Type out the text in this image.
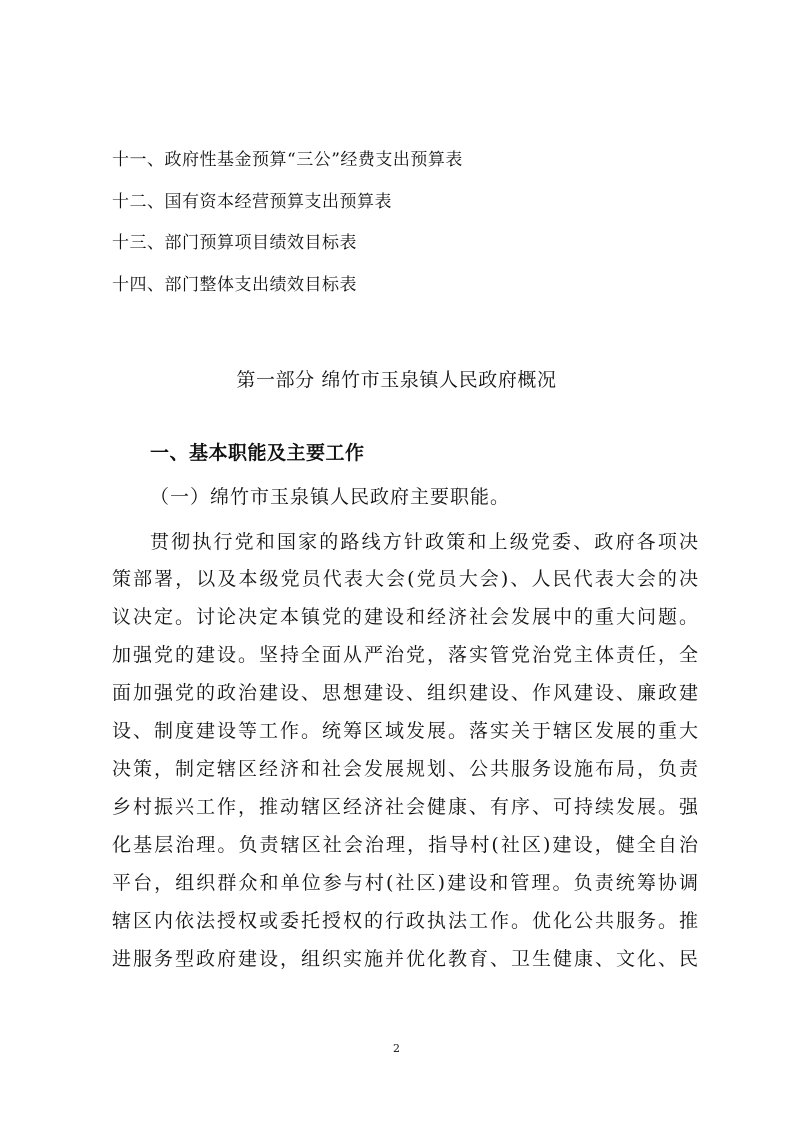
十一、政府性基金预算“三公”经费支出预算表
十二、国有资本经营预算支出预算表
十三、部门预算项目绩效目标表
十四、部门整体支出绩效目标表
第一部分 绵竹市玉泉镇人民政府概况
一、基本职能及主要工作
（一）绵竹市玉泉镇人民政府主要职能。
贯彻执行党和国家的路线方针政策和上级党委、政府各项决
策部署，以及本级党员代表大会(党员大会)、人民代表大会的决
议决定。讨论决定本镇党的建设和经济社会发展中的重大问题。
加强党的建设。坚持全面从严治党，落实管党治党主体责任，全
面加强党的政治建设、思想建设、组织建设、作风建设、廉政建
设、制度建设等工作。统筹区域发展。落实关于辖区发展的重大
决策，制定辖区经济和社会发展规划、公共服务设施布局，负责
乡村振兴工作，推动辖区经济社会健康、有序、可持续发展。强
化基层治理。负责辖区社会治理，指导村(社区)建设，健全自治
平台，组织群众和单位参与村(社区)建设和管理。负责统筹协调
辖区内依法授权或委托授权的行政执法工作。优化公共服务。推
进服务型政府建设，组织实施并优化教育、卫生健康、文化、民
2
